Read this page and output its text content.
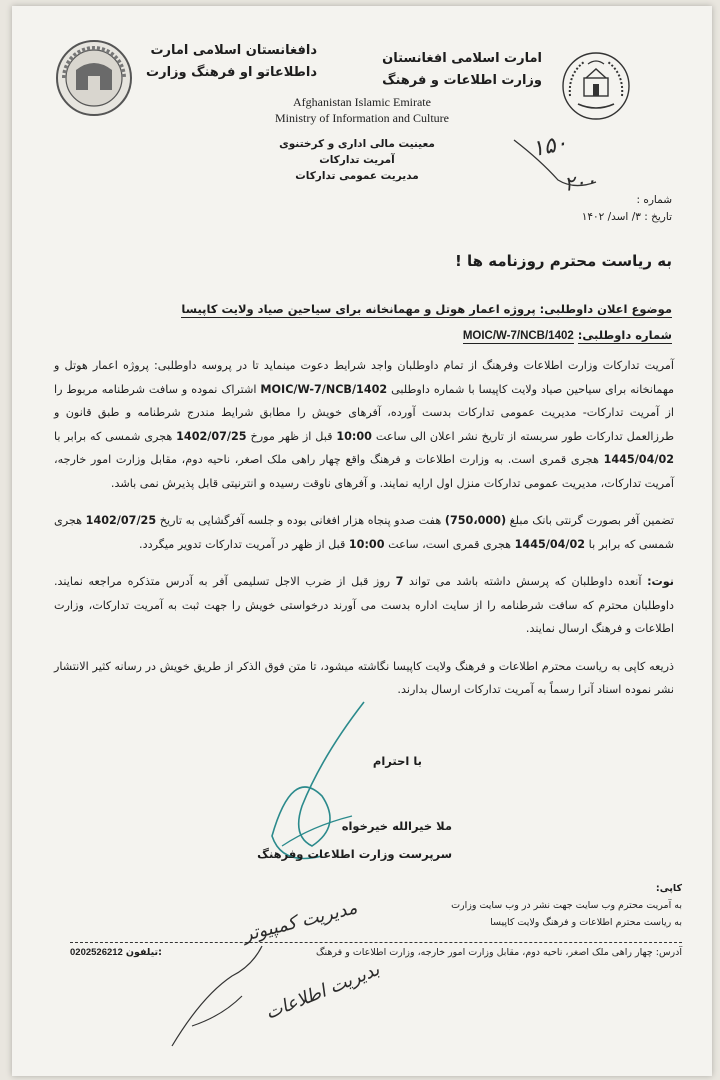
امارت اسلامی افغانستان
وزارت اطلاعات و فرهنگ
دافغانستان اسلامی امارت
داطلاعاتو او فرهنگ وزارت
Afghanistan Islamic Emirate
Ministry of Information and Culture
معینیت مالی اداری و کرختنوی
آمریت تدارکات
مدیریت عمومی تدارکات
۱۵٠
۲۰۰
شماره :
تاریخ : ٣/ اسد/ ١۴٠٢
به ریاست محترم روزنامه ها !
موضوع اعلان داوطلبی: پروژه اعمار هوتل و مهمانخانه برای سیاحین صیاد ولایت کاپیسا
شماره داوطلبی: MOIC/W-7/NCB/1402

آمریت تدارکات وزارت اطلاعات وفرهنگ از تمام داوطلبان واجد شرایط دعوت مینماید تا در پروسه داوطلبی: پروژه اعمار هوتل و مهمانخانه برای سیاحین صیاد ولایت کاپیسا با شماره داوطلبی MOIC/W-7/NCB/1402 اشتراک نموده و سافت شرطنامه مربوط را از آمریت تدارکات- مدیریت عمومی تدارکات بدست آورده، آفرهای خویش را مطابق شرایط مندرج شرطنامه و طبق قانون و طرزالعمل تدارکات طور سربسته از تاریخ نشر اعلان الی ساعت 10:00 قبل از ظهر مورخ 1402/07/25 هجری شمسی که برابر با 1445/04/02 هجری قمری است. به وزارت اطلاعات و فرهنگ واقع چهار راهی ملک اصغر، ناحیه دوم، مقابل وزارت امور خارجه، آمریت تدارکات، مدیریت عمومی تدارکات منزل اول ارایه نمایند. و آفرهای ناوقت رسیده و انترنیتی قابل پذیرش نمی باشد.

تضمین آفر بصورت گرنتی بانک مبلغ (750،000) هفت صدو پنجاه هزار افغانی بوده و جلسه آفرگشایی به تاریخ 1402/07/25 هجری شمسی که برابر با 1445/04/02 هجری قمری است، ساعت 10:00 قبل از ظهر در آمریت تدارکات تدویر میگردد.

نوت: آنعده داوطلبان که پرسش داشته باشد می تواند 7 روز قبل از ضرب الاجل تسلیمی آفر به آدرس متذکره مراجعه نمایند. داوطلبان محترم که سافت شرطنامه را از سایت اداره بدست می آورند درخواستی خویش را جهت ثبت به آمریت تدارکات، وزارت اطلاعات و فرهنگ ارسال نمایند.

ذریعه کاپی به ریاست محترم اطلاعات و فرهنگ ولایت کاپیسا نگاشته میشود، تا متن فوق الذکر از طریق خویش در رسانه کثیر الانتشار نشر نموده اسناد آنرا رسماً به آمریت تدارکات ارسال بدارند.

با احترام
ملا خیرالله خیرخواه
سرپرست وزارت اطلاعات وفرهنگ
کاپی:
به آمریت محترم وب سایت جهت نشر در وب سایت وزارت
به ریاست محترم اطلاعات و فرهنگ ولایت کاپیسا
مدیریت کمپیوتر
بدیریت اطلاعات
آدرس: چهار راهی ملک اصغر، ناحیه دوم، مقابل وزارت امور خارجه، وزارت اطلاعات و فرهنگ
0202526212 تیلفون:
